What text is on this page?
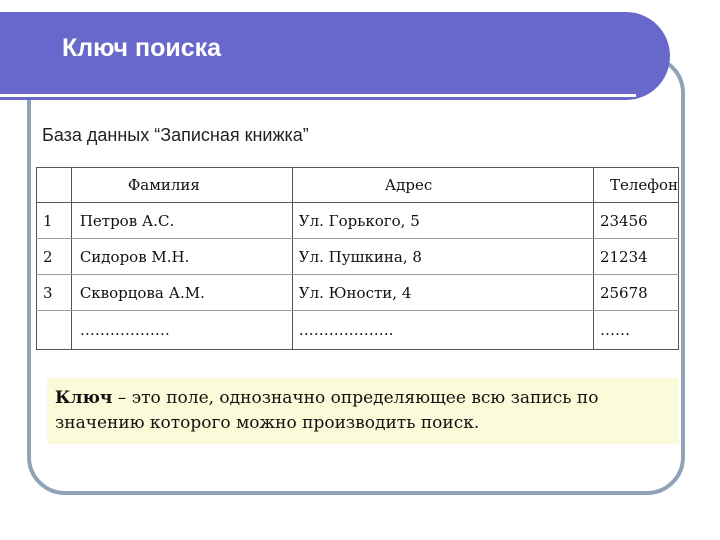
Ключ поиска

База данных “Записная книжка”

	Фамилия	Адрес	Телефон
1	Петров А.С.	Ул. Горького, 5	23456
2	Сидоров М.Н.	Ул. Пушкина, 8	21234
3	Скворцова А.М.	Ул. Юности, 4	25678
	………………	……………….	……
Ключ – это поле, однозначно определяющее всю запись по значению которого можно производить поиск.
